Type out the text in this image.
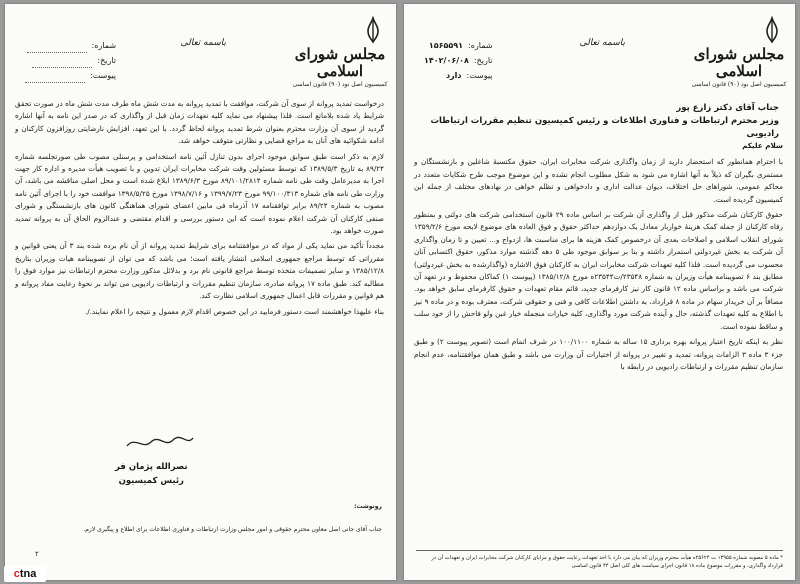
مجلس شورای اسلامی
کمیسیون اصل نود (۹۰) قانون اساسی
باسمه تعالی
شماره:
۱۵۶۵۵۹۱
تاریخ:
۱۴۰۲/۰۶/۰۸
پیوست:
دارد
جناب آقای دکتر زارع پور
وزیر محترم ارتباطات و فناوری اطلاعات و رئیس کمیسیون تنظیم مقررات ارتباطات رادیویی
سلام علیکم

با احترام همانطور که استحضار دارید از زمان واگذاری شرکت مخابرات ایران، حقوق مکتسبهٔ شاغلین و بازنشستگان و مستمری بگیران که ذیلاً به آنها اشاره می شود به شکل مطلوب انجام نشده و این موضوع موجب طرح شکایات متعدد در محاکم عمومی، شوراهای حل اختلاف، دیوان عدالت اداری و دادخواهی و تظلم خواهی در نهادهای مختلف از جمله این کمیسیون گردیده است.

حقوق کارکنان شرکت مذکور قبل از واگذاری آن شرکت بر اساس ماده ۲۹ قانون استخدامی شرکت های دولتی و بمنظور رفاه کارکنان از جمله کمک هزینهٔ خواربار معادل یک دوازدهم حداکثر حقوق و فوق العاده های موضوع لایحه مورخ ۱۳۵۹/۲/۶ شورای انقلاب اسلامی و اصلاحات بعدی آن درخصوص کمک هزینه ها برای مناسبت ها، ازدواج و... تعیین و تا زمان واگذاری آن شرکت به بخش غیردولتی استمرار داشته و بنا بر سوابق موجود طی ۵ دهه گذشته موارد مذکور، حقوق اکتسابی آنان محسوب می گردیده است. فلذا کلیه تعهدات شرکت مخابرات ایران به کارکنان فوق الاشاره (واگذارشده به بخش غیردولتی) مطابق بند ۶ تصویبنامه هیأت وزیران به شماره ۲۳۵۴۸/ت۲۳۵۴۴ه مورخ ۱۳۸۵/۱۲/۸ (پیوست ۱) کماکان محفوظ و در تعهد آن شرکت می باشد و براساس ماده ۱۲ قانون کار نیز کارفرمای جدید، قائم مقام تعهدات و حقوق کارفرمای سابق خواهد بود. مضافاً بر آن خریدار سهام در ماده ۸ قرارداد، به داشتن اطلاعات کافی و فنی و حقوقی شرکت، معترف بوده و در ماده ۹ نیز با اطلاع به کلیه تعهدات گذشته، حال و آینده شرکت مورد واگذاری، کلیه خیارات منجمله خیار غبن ولو فاحش را از خود سلب و ساقط نموده است.

نظر به اینکه تاریخ اعتبار پروانه بهره برداری ۱۵ ساله به شماره ۱۰۰/۱۱۰۰ در شرف اتمام است (تصویر پیوست ۲) و طبق جزء ۳ ماده ۳ الزامات پروانه، تمدید و تغییر در پروانه از اختیارات آن وزارت می باشد و طبق همان موافقتنامه، عدم انجام سازمان تنظیم مقررات و ارتباطات رادیویی در رابطه با

* ماده ۵ مصوبه شماره ۱۳۹۵۵ ت ۲۵۶۲۴ه هیأت محترم وزیران که بیان می دارد با اخذ تعهدات رعایت حقوق و مزایای کارکنان شرکت مخابرات ایران و تعهدات آن در قرارداد واگذاری، و مقررات موضوع ماده ۱۸ قانون اجرای سیاست های کلی اصل ۴۴ قانون اساسی
مجلس شورای اسلامی
کمیسیون اصل نود (۹۰) قانون اساسی
باسمه تعالی
شماره:
تاریخ:
پیوست:

درخواست تمدید پروانه از سوی آن شرکت، موافقت با تمدید پروانه به مدت شش ماه طرف مدت شش ماه در صورت تحقق شرایط یاد شده بلامانع است. فلذا پیشنهاد می نماید کلیه تعهدات زمان قبل از واگذاری که در صدر این نامه به آنها اشاره گردید از سوی آن وزارت محترم بعنوان شرط تمدید پروانه لحاظ گردد. با این تعهد، افزایش نارضایتی روزافزون کارکنان و ادامه شکوائیه های آنان به مراجع قضایی و نظارتی متوقف خواهد شد.

لازم به ذکر است طبق سوابق موجود اجرای بدون تنازل آئین نامه استخدامی و پرسنلی مصوب طی صورتجلسه شماره ۸۹/۲۴ به تاریخ ۱۳۸۹/۵/۳ که توسط مسئولین وقت شرکت مخابرات ایران تدوین و با تصویب هیأت مدیره و اداره کار جهت اجرا به مدیرعامل وقت طی نامه شماره ۸۹/۱۰۱/۲۸۱۴ مورخ ۱۳۸۹/۶/۳ ابلاغ شده است و محل اصلی مناقشه می باشد، آن وزارت طی نامه های شماره ۹۹/۱۰۰/۳۱۳ مورخ ۱۳۹۹/۷/۲۳ و ۱۳۹۸/۷/۱۶ مورخ ۱۳۹۸/۵/۲۵ موافقت خود را با اجرای آئین نامه مصوب به شماره ۸۹/۲۴ برابر توافقنامه ۱۷ آذرماه فی مابین اعضای شورای هماهنگی کانون های بازنشستگی و شورای صنفی کارکنان آن شرکت اعلام نموده است که این دستور بررسی و اقدام مقتضی و عندالزوم الحاق آن به پروانه تمدید صورت خواهد بود.

مجدداً تأکید می نماید یکی از مواد که در موافقتنامه برای شرایط تمدید پروانه از آن نام برده شده بند ۳ آن یعنی قوانین و مقرراتی که توسط مراجع جمهوری اسلامی انتشار یافته است؛ می باشد که می توان از تصویبنامه هیات وزیران بتاریخ ۱۳۸۵/۱۲/۸ و سایر تصمیمات متخذه توسط مراجع قانونی نام برد و بدلائل مذکور وزارت محترم ارتباطات نیز موارد فوق را مطالبه کند. طبق ماده ۱۷ پروانه صادره، سازمان تنظیم مقررات و ارتباطات رادیویی می تواند بر نحوهٔ رعایت مفاد پروانه و هم قوانین و مقررات قابل اعمال جمهوری اسلامی نظارت کند.

بناء علیهذا خواهشمند است دستور فرمایید در این خصوص اقدام لازم معمول و نتیجه را اعلام نمایند./.

نصرالله پژمان فر
رئیس کمیسیون
رونوشت:
جناب آقای جانی اصل معاون محترم حقوقی و امور مجلس وزارت ارتباطات و فناوری اطلاعات برای اطلاع و پیگیری لازم.
۲
c tna
